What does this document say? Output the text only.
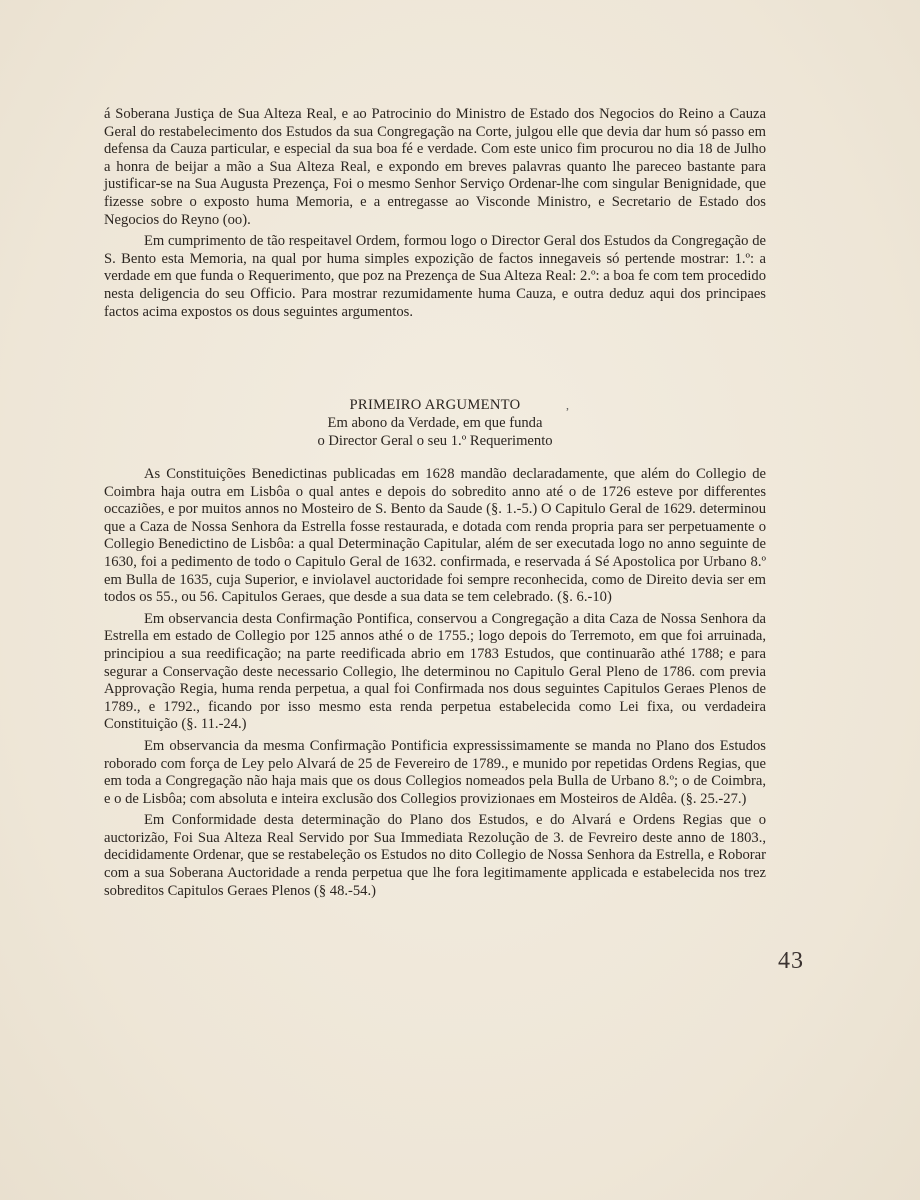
á Soberana Justiça de Sua Alteza Real, e ao Patrocinio do Ministro de Estado dos Negocios do Reino a Cauza Geral do restabelecimento dos Estudos da sua Congregação na Corte, julgou elle que devia dar hum só passo em defensa da Cauza particular, e especial da sua boa fé e verdade. Com este unico fim procurou no dia 18 de Julho a honra de beijar a mão a Sua Alteza Real, e expondo em breves palavras quanto lhe pareceo bastante para justificar-se na Sua Augusta Prezença, Foi o mesmo Senhor Serviço Ordenar-lhe com singular Benignidade, que fizesse sobre o exposto huma Memoria, e a entregasse ao Visconde Ministro, e Secretario de Estado dos Negocios do Reyno (oo).

Em cumprimento de tão respeitavel Ordem, formou logo o Director Geral dos Estudos da Congregação de S. Bento esta Memoria, na qual por huma simples expozição de factos innegaveis só pertende mostrar: 1.º: a verdade em que funda o Requerimento, que poz na Prezença de Sua Alteza Real: 2.º: a boa fe com tem procedido nesta deligencia do seu Officio. Para mostrar rezumidamente huma Cauza, e outra deduz aqui dos principaes factos acima expostos os dous seguintes argumentos.

PRIMEIRO ARGUMENTO
Em abono da Verdade, em que funda
o Director Geral o seu 1.º Requerimento
,

As Constituições Benedictinas publicadas em 1628 mandão declaradamente, que além do Collegio de Coimbra haja outra em Lisbôa o qual antes e depois do sobredito anno até o de 1726 esteve por differentes occaziões, e por muitos annos no Mosteiro de S. Bento da Saude (§. 1.-5.) O Capitulo Geral de 1629. determinou que a Caza de Nossa Senhora da Estrella fosse restaurada, e dotada com renda propria para ser perpetuamente o Collegio Benedictino de Lisbôa: a qual Determinação Capitular, além de ser executada logo no anno seguinte de 1630, foi a pedimento de todo o Capitulo Geral de 1632. confirmada, e reservada á Sé Apostolica por Urbano 8.º em Bulla de 1635, cuja Superior, e inviolavel auctoridade foi sempre reconhecida, como de Direito devia ser em todos os 55., ou 56. Capitulos Geraes, que desde a sua data se tem celebrado. (§. 6.-10)

Em observancia desta Confirmação Pontifica, conservou a Congregação a dita Caza de Nossa Senhora da Estrella em estado de Collegio por 125 annos athé o de 1755.; logo depois do Terremoto, em que foi arruinada, principiou a sua reedificação; na parte reedificada abrio em 1783 Estudos, que continuarão athé 1788; e para segurar a Conservação deste necessario Collegio, lhe determinou no Capitulo Geral Pleno de 1786. com previa Approvação Regia, huma renda perpetua, a qual foi Confirmada nos dous seguintes Capitulos Geraes Plenos de 1789., e 1792., ficando por isso mesmo esta renda perpetua estabelecida como Lei fixa, ou verdadeira Constituição (§. 11.-24.)

Em observancia da mesma Confirmação Pontificia expressissimamente se manda no Plano dos Estudos roborado com força de Ley pelo Alvará de 25 de Fevereiro de 1789., e munido por repetidas Ordens Regias, que em toda a Congregação não haja mais que os dous Collegios nomeados pela Bulla de Urbano 8.º; o de Coimbra, e o de Lisbôa; com absoluta e inteira exclusão dos Collegios provizionaes em Mosteiros de Aldêa. (§. 25.-27.)

Em Conformidade desta determinação do Plano dos Estudos, e do Alvará e Ordens Regias que o auctorizão, Foi Sua Alteza Real Servido por Sua Immediata Rezolução de 3. de Fevreiro deste anno de 1803., decididamente Ordenar, que se restabeleção os Estudos no dito Collegio de Nossa Senhora da Estrella, e Roborar com a sua Soberana Auctoridade a renda perpetua que lhe fora legitimamente applicada e estabelecida nos trez sobreditos Capitulos Geraes Plenos (§ 48.-54.)

43
